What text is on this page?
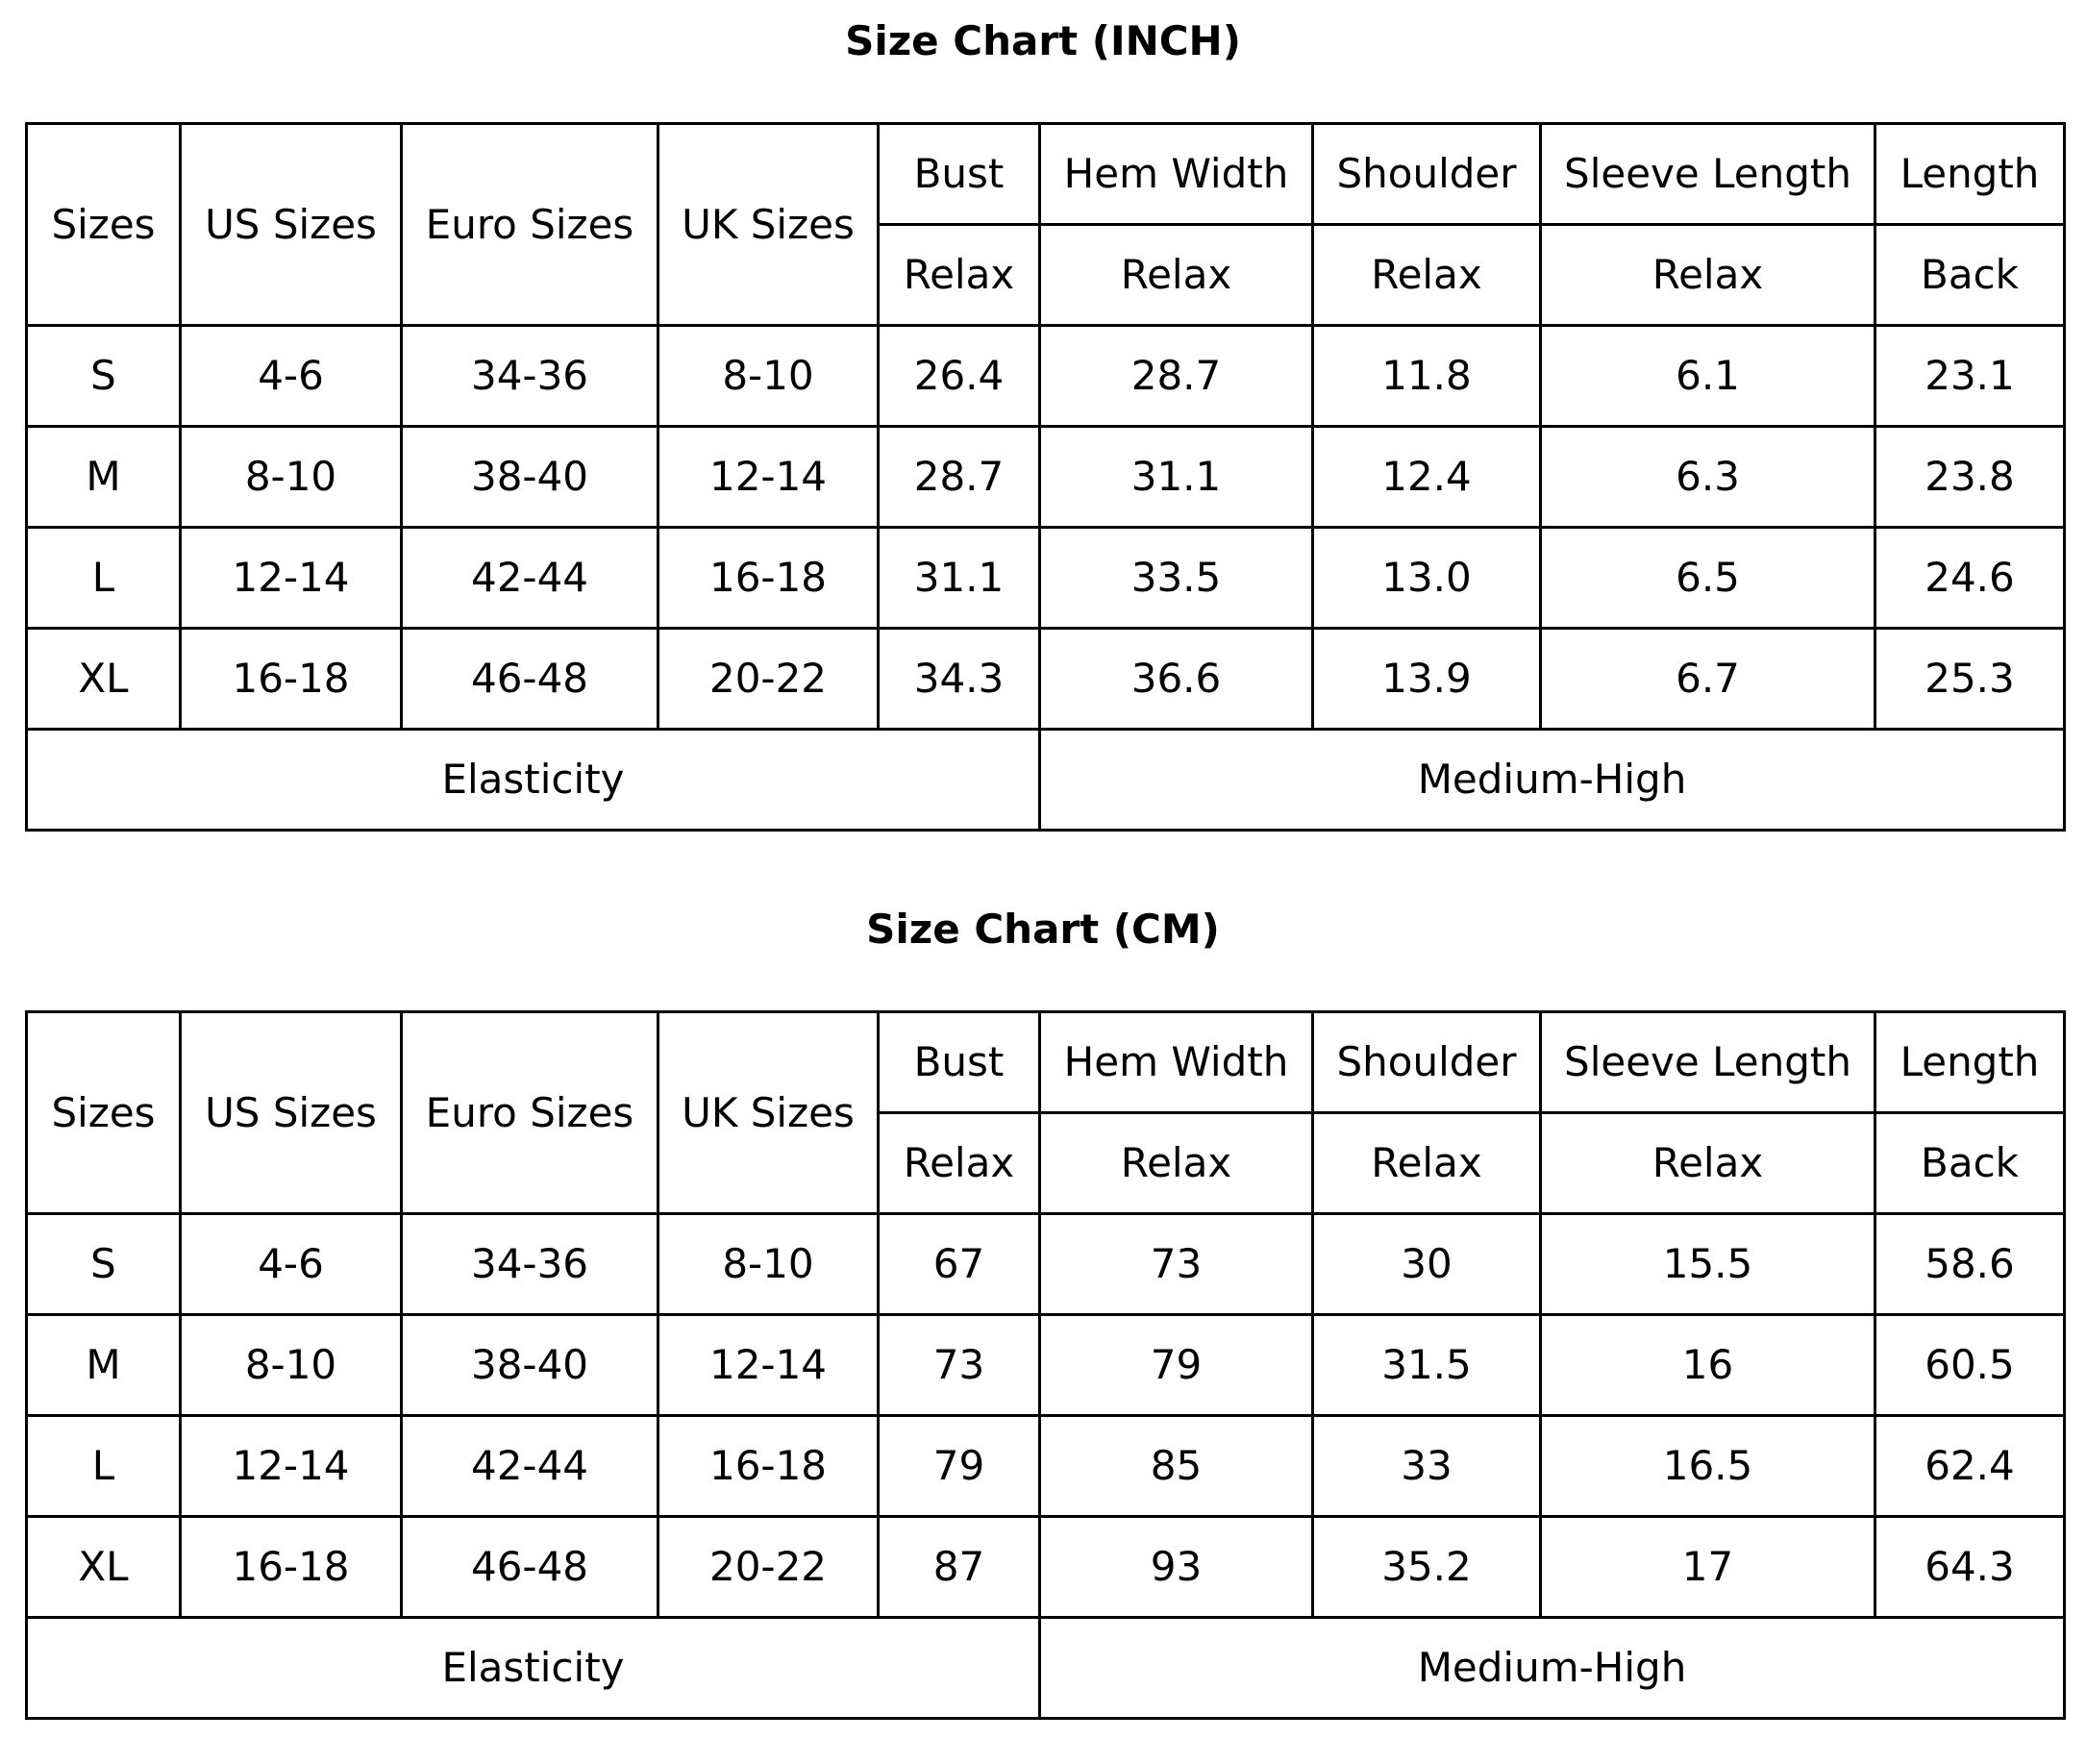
Size Chart (INCH)
Sizes	US Sizes	Euro Sizes	UK Sizes	Bust	Hem Width	Shoulder	Sleeve Length	Length
				Relax	Relax	Relax	Relax	Back
S	4-6	34-36	8-10	26.4	28.7	11.8	6.1	23.1
M	8-10	38-40	12-14	28.7	31.1	12.4	6.3	23.8
L	12-14	42-44	16-18	31.1	33.5	13.0	6.5	24.6
XL	16-18	46-48	20-22	34.3	36.6	13.9	6.7	25.3
Elasticity					Medium-High			
Size Chart (CM)
Sizes	US Sizes	Euro Sizes	UK Sizes	Bust	Hem Width	Shoulder	Sleeve Length	Length
				Relax	Relax	Relax	Relax	Back
S	4-6	34-36	8-10	67	73	30	15.5	58.6
M	8-10	38-40	12-14	73	79	31.5	16	60.5
L	12-14	42-44	16-18	79	85	33	16.5	62.4
XL	16-18	46-48	20-22	87	93	35.2	17	64.3
Elasticity					Medium-High			
